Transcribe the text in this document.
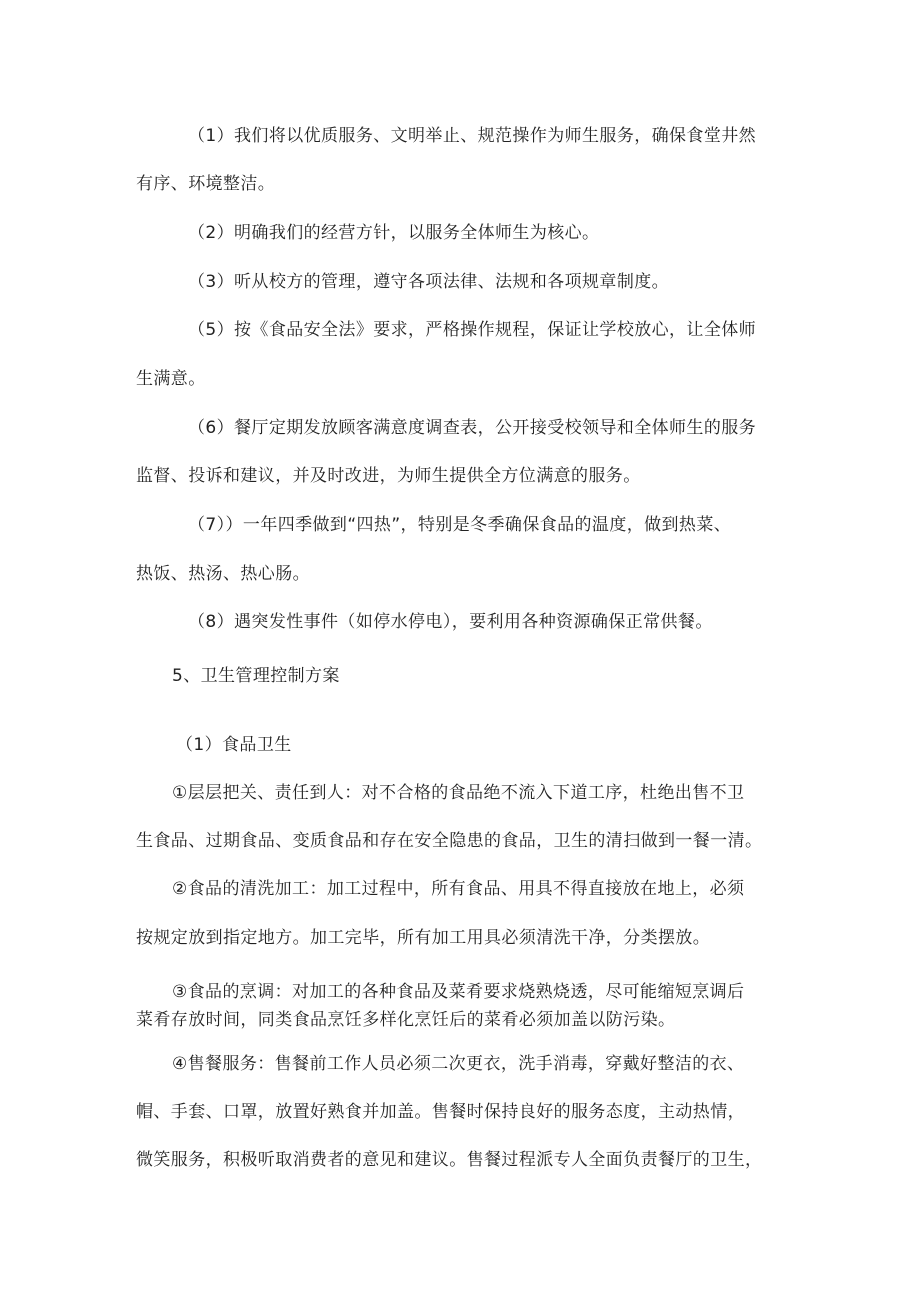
（1）我们将以优质服务、文明举止、规范操作为师生服务，确保食堂井然
有序、环境整洁。
（2）明确我们的经营方针，以服务全体师生为核心。
（3）听从校方的管理，遵守各项法律、法规和各项规章制度。
（5）按《食品安全法》要求，严格操作规程，保证让学校放心，让全体师
生满意。
（6）餐厅定期发放顾客满意度调查表，公开接受校领导和全体师生的服务
监督、投诉和建议，并及时改进，为师生提供全方位满意的服务。
（7））一年四季做到“四热”，特别是冬季确保食品的温度，做到热菜、
热饭、热汤、热心肠。
（8）遇突发性事件（如停水停电），要利用各种资源确保正常供餐。
5、卫生管理控制方案
（1）食品卫生
①层层把关、责任到人：对不合格的食品绝不流入下道工序，杜绝出售不卫
生食品、过期食品、变质食品和存在安全隐患的食品，卫生的清扫做到一餐一清。
②食品的清洗加工：加工过程中，所有食品、用具不得直接放在地上，必须
按规定放到指定地方。加工完毕，所有加工用具必须清洗干净，分类摆放。
③食品的烹调：对加工的各种食品及菜肴要求烧熟烧透，尽可能缩短烹调后
菜肴存放时间，同类食品烹饪多样化烹饪后的菜肴必须加盖以防污染。
④售餐服务：售餐前工作人员必须二次更衣，洗手消毒，穿戴好整洁的衣、
帽、手套、口罩，放置好熟食并加盖。售餐时保持良好的服务态度，主动热情，
微笑服务，积极听取消费者的意见和建议。售餐过程派专人全面负责餐厅的卫生，
